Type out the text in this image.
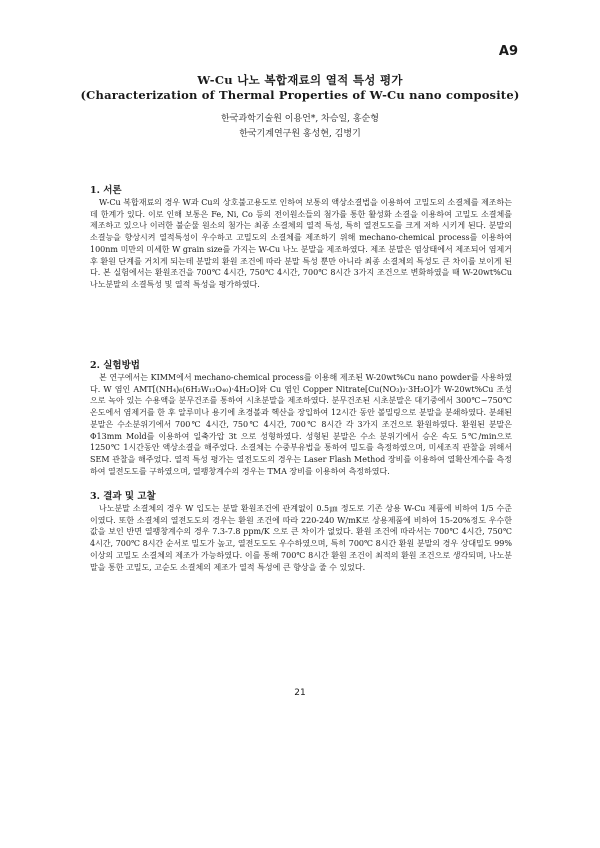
A9
W-Cu 나노 복합재료의 열적 특성 평가
(Characterization of Thermal Properties of W-Cu nano composite)
한국과학기술원 이용언*, 차승일, 홍순형
한국기계연구원 홍성현, 김병기

1. 서론

W-Cu 복합재료의 경우 W과 Cu의 상호불고용도로 인하여 보통의 액상소결법을 이용하여 고밀도의 소결체를 제조하는데 한계가 있다. 이로 인해 보통은 Fe, Ni, Co 등의 전이원소들의 첨가를 통한 활성화 소결을 이용하여 고밀도 소결체를 제조하고 있으나 이러한 불순물 원소의 첨가는 최종 소결체의 열적 특성, 특히 열전도도를 크게 저하 시키게 된다. 분말의 소결능을 향상시켜 열적특성이 우수하고 고밀도의 소결체를 제조하기 위해 mechano-chemical process를 이용하여 100nm 미만의 미세한 W grain size를 가지는 W-Cu 나노 분말을 제조하였다. 제조 분말은 염상태에서 제조되어 염제거 후 환원 단계를 거치게 되는데 분말의 환원 조건에 따라 분말 특성 뿐만 아니라 최종 소결체의 특성도 큰 차이를 보이게 된다. 본 실험에서는 환원조건을 700℃ 4시간, 750℃ 4시간, 700℃ 8시간 3가지 조건으로 변화하였을 때 W-20wt%Cu 나노분말의 소결특성 및 열적 특성을 평가하였다.

2. 실험방법

본 연구에서는 KIMM에서 mechano-chemical process를 이용해 제조된 W-20wt%Cu nano powder를 사용하였다. W 염인 AMT[(NH₄)₆(6H₂W₁₂O₄₀)·4H₂O]와 Cu 염인 Copper Nitrate[Cu(NO₃)₂·3H₂O]가 W-20wt%Cu 조성으로 녹아 있는 수용액을 분무건조를 통하여 시초분말을 제조하였다. 분무건조된 시초분말은 대기중에서 300℃~750℃ 온도에서 염제거를 한 후 알루미나 용기에 초경볼과 헥산을 장입하여 12시간 동안 볼밀링으로 분말을 분쇄하였다. 분쇄된 분말은 수소분위기에서 700℃ 4시간, 750℃ 4시간, 700℃ 8시간 각 3가지 조건으로 환원하였다. 환원된 분말은 Φ13mm Mold를 이용하여 일축가압 3t 으로 성형하였다. 성형된 분말은 수소 분위기에서 승온 속도 5℃/min으로 1250℃ 1시간동안 액상소결을 해주었다. 소결체는 수중부유법을 통하여 밀도를 측정하였으며, 미세조직 관찰을 위해서 SEM 관찰을 해주었다. 열적 특성 평가는 열전도도의 경우는 Laser Flash Method 장비를 이용하여 열확산계수를 측정하여 열전도도를 구하였으며, 열팽창계수의 경우는 TMA 장비를 이용하여 측정하였다.

3. 결과 및 고찰

나노분말 소결체의 경우 W 입도는 분말 환원조건에 관계없이 0.5㎛ 정도로 기존 상용 W-Cu 제품에 비하여 1/5 수준이였다. 또한 소결체의 열전도도의 경우는 환원 조건에 따라 220-240 W/mK로 상용제품에 비하여 15-20%정도 우수한 값을 보인 반면 열팽창계수의 경우 7.3-7.8 ppm/K 으로 큰 차이가 없었다. 환원 조건에 따라서는 700℃ 4시간, 750℃ 4시간, 700℃ 8시간 순서로 밀도가 높고, 열전도도도 우수하였으며, 특히 700℃ 8시간 환원 분말의 경우 상대밀도 99%이상의 고밀도 소결체의 제조가 가능하였다. 이를 통해 700℃ 8시간 환원 조건이 최적의 환원 조건으로 생각되며, 나노분말을 통한 고밀도, 고순도 소결체의 제조가 열적 특성에 큰 향상을 줄 수 있었다.

21
